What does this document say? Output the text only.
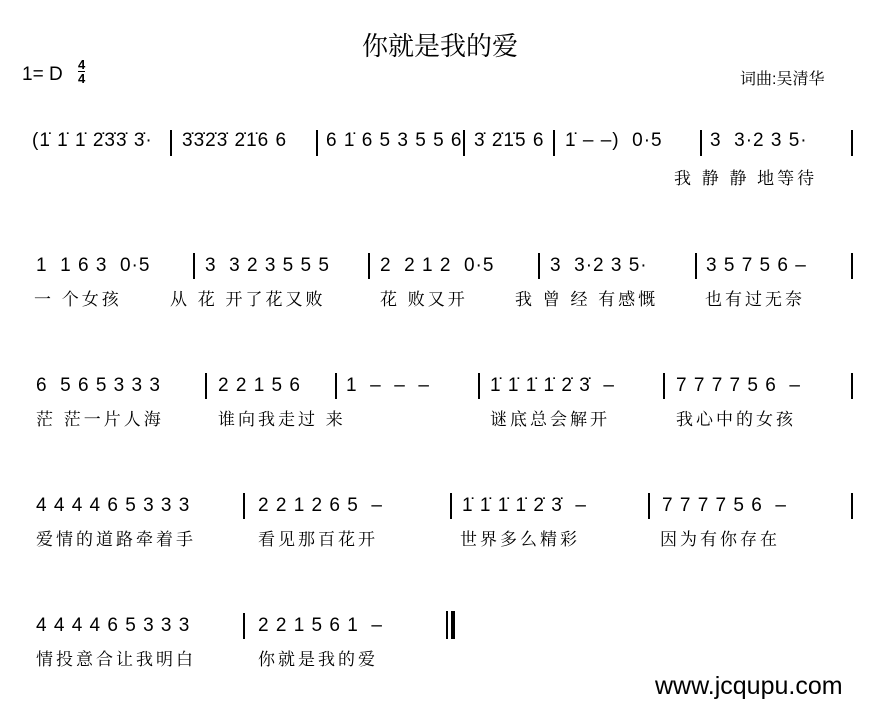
你就是我的爱
1= D $\frac{4}{4}$	词曲:吴清华
(1̇ 1̇ 1̇ 2̇3̇3̇ 3̇· 3̇3̇2̇3̇ 2̇1̇6 6 6 1̇ 6 5 3 5 5 6 3̇ 2̇1̇5 6 1̇ – –)  0·5 3  3·2 3 5·
我 静 静 地等待
1  1 6 3  0·5	3  3 2 3 5 5 5	2  2 1 2  0·5	3  3·2 3 5·	3 5 7 5 6 –
一 个女孩	从 花 开了花又败	花 败又开	我 曾 经 有感慨	也有过无奈
6  5 6 5 3 3 3	2 2 1 5 6 1  –  –  –	1̇ 1̇ 1̇ 1̇ 2̇ 3̇  –	7 7 7 7 5 6  –
茫 茫一片人海	谁向我走过 来	谜底总会解开	我心中的女孩
4 4 4 4 6 5 3 3 3	2 2 1 2 6 5  –	1̇ 1̇ 1̇ 1̇ 2̇ 3̇  –	7 7 7 7 5 6  –
爱情的道路牵着手	看见那百花开	世界多么精彩	因为有你存在
4 4 4 4 6 5 3 3 3	2 2 1 5 6 1  –
情投意合让我明白	你就是我的爱
www.jcqupu.com
